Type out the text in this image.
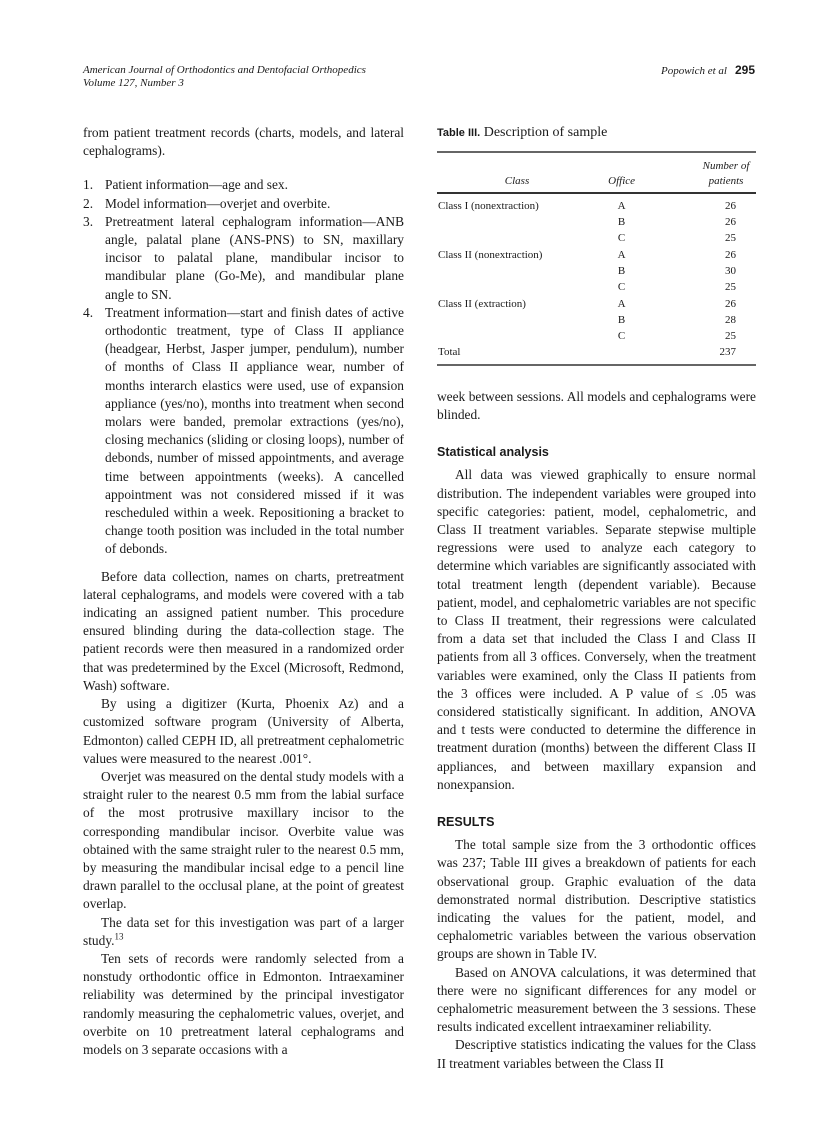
American Journal of Orthodontics and Dentofacial Orthopedics
Volume 127, Number 3
Popowich et al 295

from patient treatment records (charts, models, and lateral cephalograms).

1. Patient information—age and sex.
2. Model information—overjet and overbite.
3. Pretreatment lateral cephalogram information—ANB angle, palatal plane (ANS-PNS) to SN, maxillary incisor to palatal plane, mandibular incisor to mandibular plane (Go-Me), and mandibular plane angle to SN.
4. Treatment information—start and finish dates of active orthodontic treatment, type of Class II appliance (headgear, Herbst, Jasper jumper, pendulum), number of months of Class II appliance wear, number of months interarch elastics were used, use of expansion appliance (yes/no), months into treatment when second molars were banded, premolar extractions (yes/no), closing mechanics (sliding or closing loops), number of debonds, number of missed appointments, and average time between appointments (weeks). A cancelled appointment was not considered missed if it was rescheduled within a week. Repositioning a bracket to change tooth position was included in the total number of debonds.

Before data collection, names on charts, pretreatment lateral cephalograms, and models were covered with a tab indicating an assigned patient number. This procedure ensured blinding during the data-collection stage. The patient records were then measured in a randomized order that was predetermined by the Excel (Microsoft, Redmond, Wash) software.

By using a digitizer (Kurta, Phoenix Az) and a customized software program (University of Alberta, Edmonton) called CEPH ID, all pretreatment cephalometric values were measured to the nearest .001°.

Overjet was measured on the dental study models with a straight ruler to the nearest 0.5 mm from the labial surface of the most protrusive maxillary incisor to the corresponding mandibular incisor. Overbite value was obtained with the same straight ruler to the nearest 0.5 mm, by measuring the mandibular incisal edge to a pencil line drawn parallel to the occlusal plane, at the point of greatest overlap.

The data set for this investigation was part of a larger study.$^{13}$

Ten sets of records were randomly selected from a nonstudy orthodontic office in Edmonton. Intraexaminer reliability was determined by the principal investigator randomly measuring the cephalometric values, overjet, and overbite on 10 pretreatment lateral cephalograms and models on 3 separate occasions with a

Table III. Description of sample
Class	Office	Number of patients
Class I (nonextraction)	A	26
	B	26
	C	25
Class II (nonextraction)	A	26
	B	30
	C	25
Class II (extraction)	A	26
	B	28
	C	25
Total		237

week between sessions. All models and cephalograms were blinded.

Statistical analysis

All data was viewed graphically to ensure normal distribution. The independent variables were grouped into specific categories: patient, model, cephalometric, and Class II treatment variables. Separate stepwise multiple regressions were used to analyze each category to determine which variables are significantly associated with total treatment length (dependent variable). Because patient, model, and cephalometric variables are not specific to Class II treatment, their regressions were calculated from a data set that included the Class I and Class II patients from all 3 offices. Conversely, when the treatment variables were examined, only the Class II patients from the 3 offices were included. A P value of ≤ .05 was considered statistically significant. In addition, ANOVA and t tests were conducted to determine the difference in treatment duration (months) between the different Class II appliances, and between maxillary expansion and nonexpansion.

RESULTS

The total sample size from the 3 orthodontic offices was 237; Table III gives a breakdown of patients for each observational group. Graphic evaluation of the data demonstrated normal distribution. Descriptive statistics indicating the values for the patient, model, and cephalometric variables between the various observation groups are shown in Table IV.

Based on ANOVA calculations, it was determined that there were no significant differences for any model or cephalometric measurement between the 3 sessions. These results indicated excellent intraexaminer reliability.

Descriptive statistics indicating the values for the Class II treatment variables between the Class II
